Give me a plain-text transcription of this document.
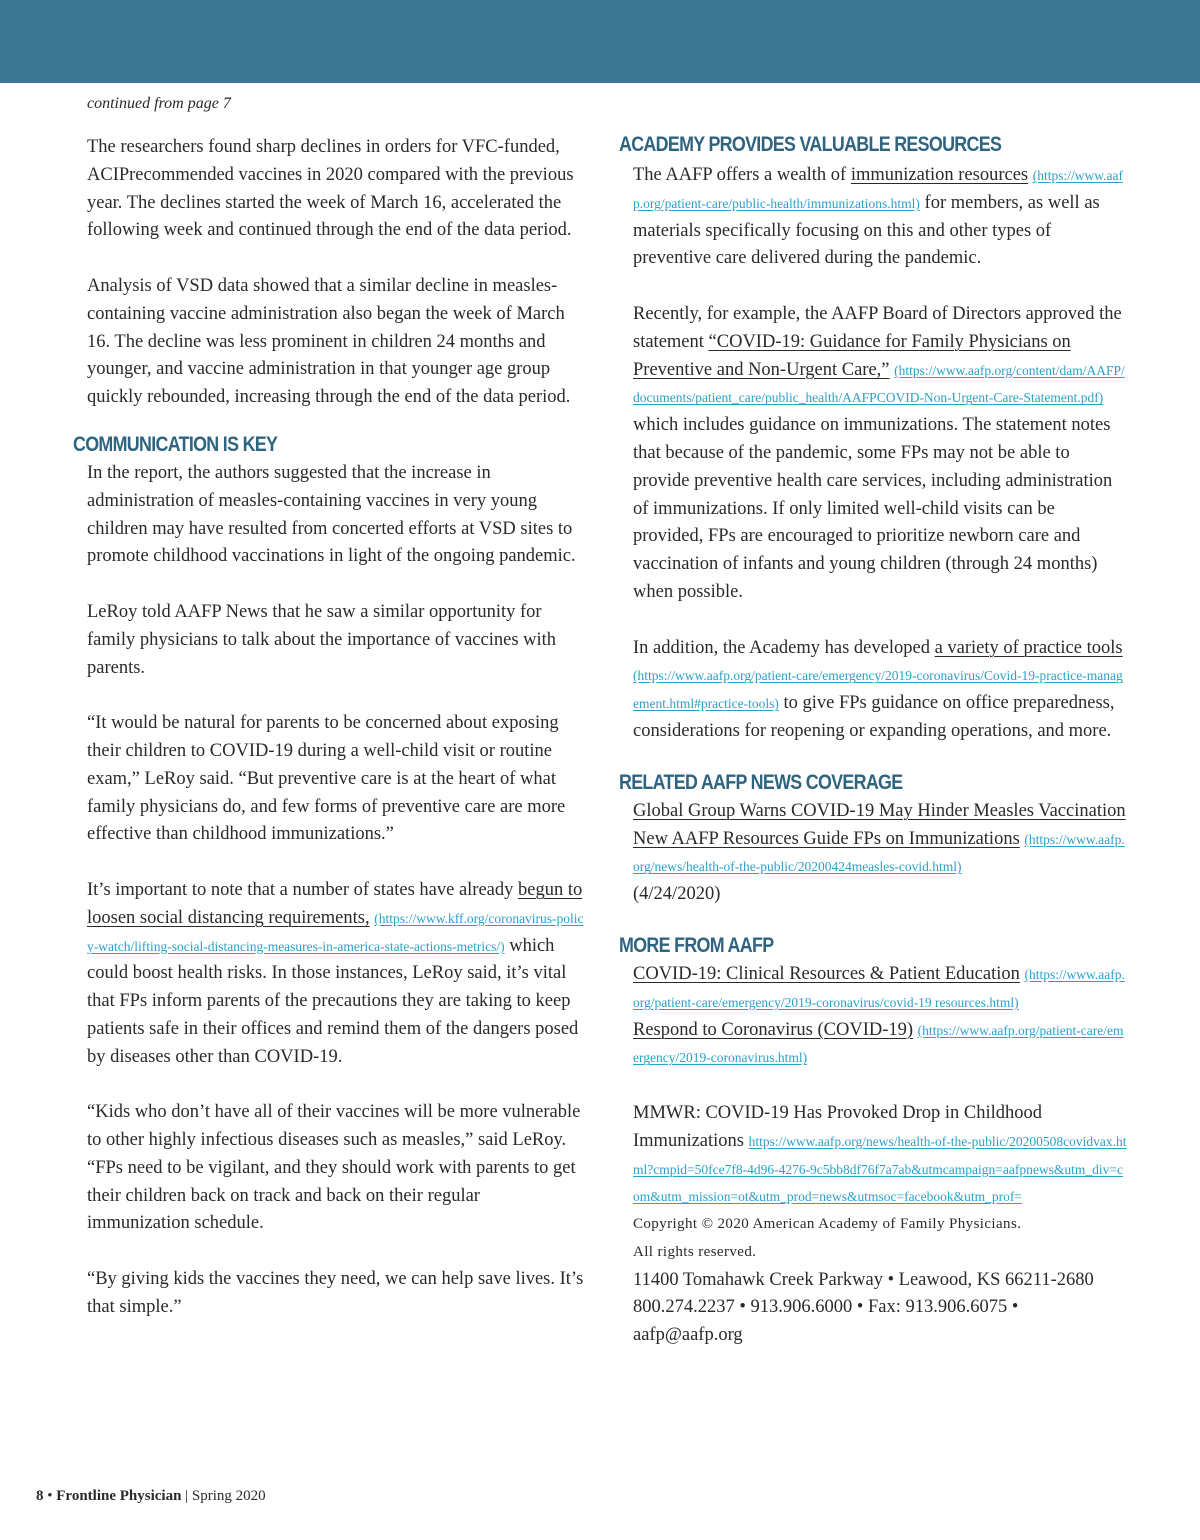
continued from page 7

The researchers found sharp declines in orders for VFC-funded, ACIPrecommended vaccines in 2020 compared with the previous year. The declines started the week of March 16, accelerated the following week and continued through the end of the data period.

Analysis of VSD data showed that a similar decline in measles-containing vaccine administration also began the week of March 16. The decline was less prominent in children 24 months and younger, and vaccine administration in that younger age group quickly rebounded, increasing through the end of the data period.

COMMUNICATION IS KEY

In the report, the authors suggested that the increase in administration of measles-containing vaccines in very young children may have resulted from concerted efforts at VSD sites to promote childhood vaccinations in light of the ongoing pandemic.

LeRoy told AAFP News that he saw a similar opportunity for family physicians to talk about the importance of vaccines with parents.

“It would be natural for parents to be concerned about exposing their children to COVID-19 during a well-child visit or routine exam,” LeRoy said. “But preventive care is at the heart of what family physicians do, and few forms of preventive care are more effective than childhood immunizations.”

It’s important to note that a number of states have already begun to loosen social distancing requirements, (https://www.kff.org/coronavirus-policy-watch/lifting-social-distancing-measures-in-america-state-actions-metrics/) which could boost health risks. In those instances, LeRoy said, it’s vital that FPs inform parents of the precautions they are taking to keep patients safe in their offices and remind them of the dangers posed by diseases other than COVID-19.

“Kids who don’t have all of their vaccines will be more vulnerable to other highly infectious diseases such as measles,” said LeRoy. “FPs need to be vigilant, and they should work with parents to get their children back on track and back on their regular immunization schedule.

“By giving kids the vaccines they need, we can help save lives. It’s that simple.”

ACADEMY PROVIDES VALUABLE RESOURCES

The AAFP offers a wealth of immunization resources (https://www.aafp.org/patient-care/public-health/immunizations.html) for members, as well as materials specifically focusing on this and other types of preventive care delivered during the pandemic.

Recently, for example, the AAFP Board of Directors approved the statement “COVID-19: Guidance for Family Physicians on Preventive and Non-Urgent Care,” (https://www.aafp.org/content/dam/AAFP/documents/patient_care/public_health/AAFPCOVID-Non-Urgent-Care-Statement.pdf) which includes guidance on immunizations. The statement notes that because of the pandemic, some FPs may not be able to provide preventive health care services, including administration of immunizations. If only limited well-child visits can be provided, FPs are encouraged to prioritize newborn care and vaccination of infants and young children (through 24 months) when possible.

In addition, the Academy has developed a variety of practice tools (https://www.aafp.org/patient-care/emergency/2019-coronavirus/Covid-19-practice-management.html#practice-tools) to give FPs guidance on office preparedness, considerations for reopening or expanding operations, and more.

RELATED AAFP NEWS COVERAGE

Global Group Warns COVID-19 May Hinder Measles Vaccination New AAFP Resources Guide FPs on Immunizations (https://www.aafp.org/news/health-of-the-public/20200424measles-covid.html)
(4/24/2020)

MORE FROM AAFP

COVID-19: Clinical Resources & Patient Education (https://www.aafp.org/patient-care/emergency/2019-coronavirus/covid-19 resources.html)

Respond to Coronavirus (COVID-19) (https://www.aafp.org/patient-care/emergency/2019-coronavirus.html)

MMWR: COVID-19 Has Provoked Drop in Childhood Immunizations https://www.aafp.org/news/health-of-the-public/20200508covidvax.html?cmpid=50fce7f8-4d96-4276-9c5bb8df76f7a7ab&utmcampaign=aafpnews&utm_div=com&utm_mission=ot&utm_prod=news&utmsoc=facebook&utm_prof=

Copyright © 2020 American Academy of Family Physicians.
All rights reserved.
11400 Tomahawk Creek Parkway • Leawood, KS 66211-2680
800.274.2237 • 913.906.6000 • Fax: 913.906.6075 • aafp@aafp.org
8 • Frontline Physician | Spring 2020
